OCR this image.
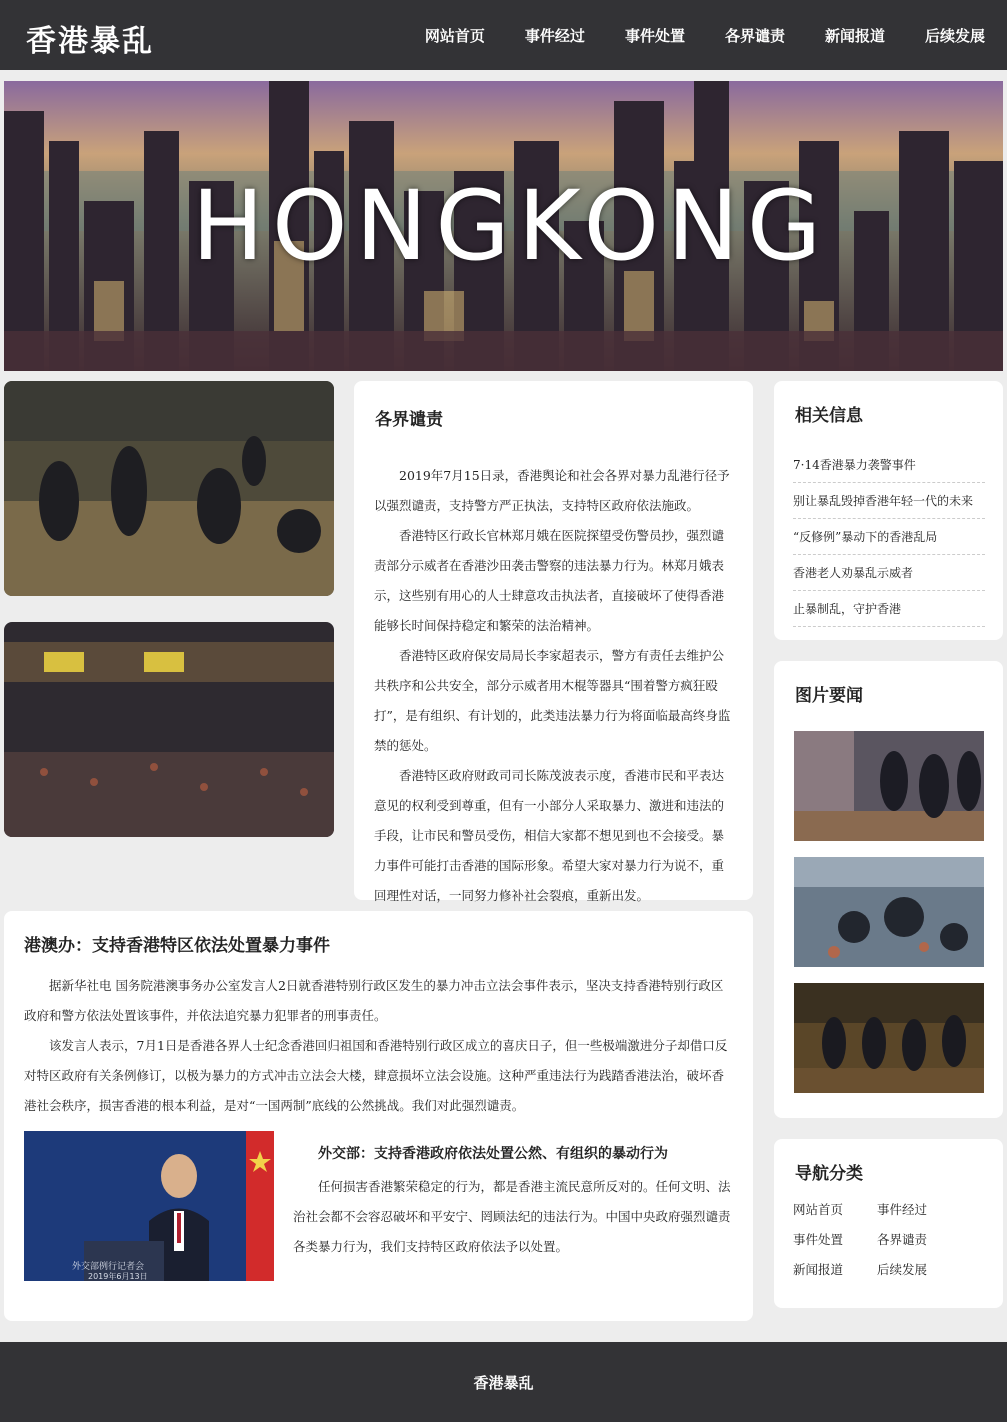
香港暴乱	网站首页	事件经过	事件处置	各界谴责	新闻报道	后续发展
HONGKONG
各界谴责

2019年7月15日录，香港舆论和社会各界对暴力乱港行径予以强烈谴责，支持警方严正执法，支持特区政府依法施政。

香港特区行政长官林郑月娥在医院探望受伤警员抄，强烈谴责部分示威者在香港沙田袭击警察的违法暴力行为。林郑月娥表示，这些别有用心的人士肆意攻击执法者，直接破坏了使得香港能够长时间保持稳定和繁荣的法治精神。

香港特区政府保安局局长李家超表示，警方有责任去维护公共秩序和公共安全，部分示威者用木棍等器具“围着警方疯狂殴打”，是有组织、有计划的，此类违法暴力行为将面临最高终身监禁的惩处。

香港特区政府财政司司长陈茂波表示度，香港市民和平表达意见的权利受到尊重，但有一小部分人采取暴力、激进和违法的手段，让市民和警员受伤，相信大家都不想见到也不会接受。暴力事件可能打击香港的国际形象。希望大家对暴力行为说不，重回理性对话，一同努力修补社会裂痕，重新出发。

港澳办：支持香港特区依法处置暴力事件

据新华社电 国务院港澳事务办公室发言人2日就香港特别行政区发生的暴力冲击立法会事件表示，坚决支持香港特别行政区政府和警方依法处置该事件，并依法追究暴力犯罪者的刑事责任。

该发言人表示，7月1日是香港各界人士纪念香港回归祖国和香港特别行政区成立的喜庆日子，但一些极端激进分子却借口反对特区政府有关条例修订，以极为暴力的方式冲击立法会大楼，肆意损坏立法会设施。这种严重违法行为践踏香港法治，破坏香港社会秩序，损害香港的根本利益，是对“一国两制”底线的公然挑战。我们对此强烈谴责。

外交部例行记者会
2019年6月13日
外交部：支持香港政府依法处置公然、有组织的暴动行为

任何损害香港繁荣稳定的行为，都是香港主流民意所反对的。任何文明、法治社会都不会容忍破坏和平安宁、罔顾法纪的违法行为。中国中央政府强烈谴责各类暴力行为，我们支持特区政府依法予以处置。

相关信息
7·14香港暴力袭警事件
别让暴乱毁掉香港年轻一代的未来
“反修例”暴动下的香港乱局
香港老人劝暴乱示威者
止暴制乱，守护香港
图片要闻
导航分类
网站首页	事件经过
事件处置	各界谴责
新闻报道	后续发展
香港暴乱
